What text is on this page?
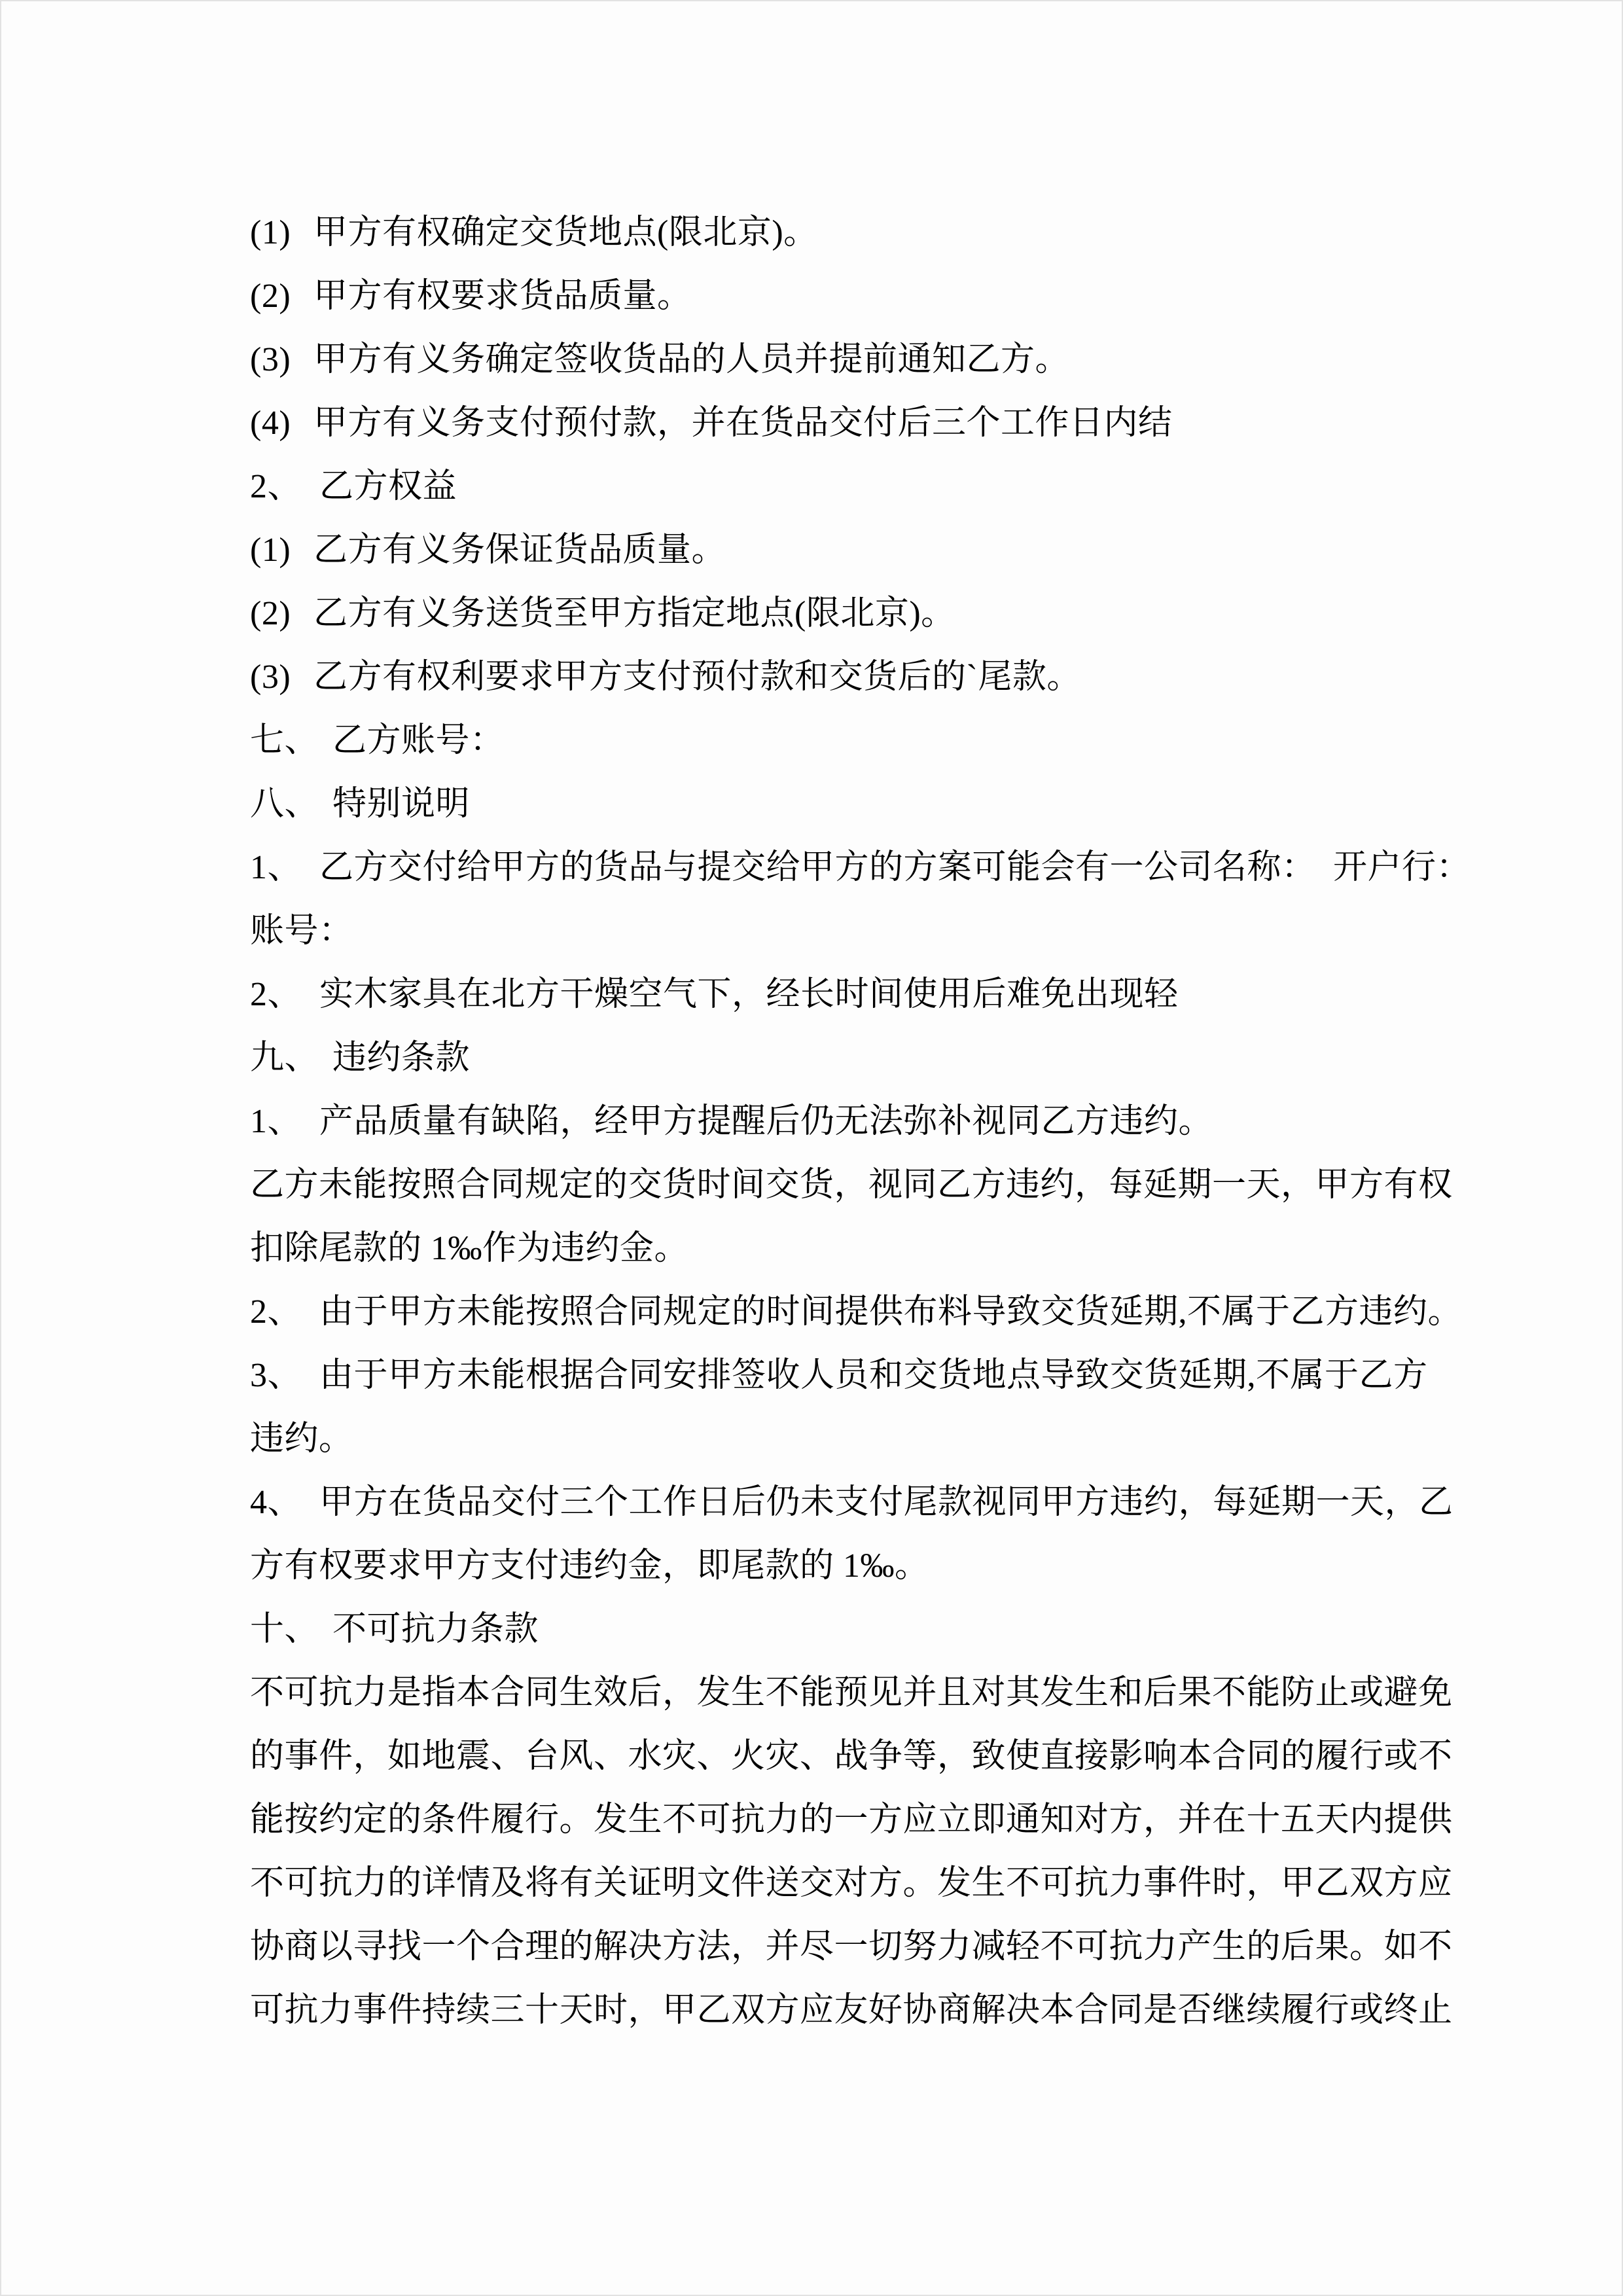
(1) 甲方有权确定交货地点(限北京)。
(2) 甲方有权要求货品质量。
(3) 甲方有义务确定签收货品的人员并提前通知乙方。
(4) 甲方有义务支付预付款，并在货品交付后三个工作日内结
2、 乙方权益
(1) 乙方有义务保证货品质量。
(2) 乙方有义务送货至甲方指定地点(限北京)。
(3) 乙方有权利要求甲方支付预付款和交货后的`尾款。
七、 乙方账号：
八、 特别说明
1、 乙方交付给甲方的货品与提交给甲方的方案可能会有一公司名称：　开户行：
账号：
2、 实木家具在北方干燥空气下，经长时间使用后难免出现轻
九、 违约条款
1、 产品质量有缺陷，经甲方提醒后仍无法弥补视同乙方违约。
乙方未能按照合同规定的交货时间交货，视同乙方违约，每延期一天，甲方有权
扣除尾款的 1‰作为违约金。
2、 由于甲方未能按照合同规定的时间提供布料导致交货延期,不属于乙方违约。
3、 由于甲方未能根据合同安排签收人员和交货地点导致交货延期,不属于乙方
违约。
4、 甲方在货品交付三个工作日后仍未支付尾款视同甲方违约，每延期一天，乙
方有权要求甲方支付违约金，即尾款的 1‰。
十、 不可抗力条款
不可抗力是指本合同生效后，发生不能预见并且对其发生和后果不能防止或避免
的事件，如地震、台风、水灾、火灾、战争等，致使直接影响本合同的履行或不
能按约定的条件履行。发生不可抗力的一方应立即通知对方，并在十五天内提供
不可抗力的详情及将有关证明文件送交对方。发生不可抗力事件时，甲乙双方应
协商以寻找一个合理的解决方法，并尽一切努力减轻不可抗力产生的后果。如不
可抗力事件持续三十天时，甲乙双方应友好协商解决本合同是否继续履行或终止
